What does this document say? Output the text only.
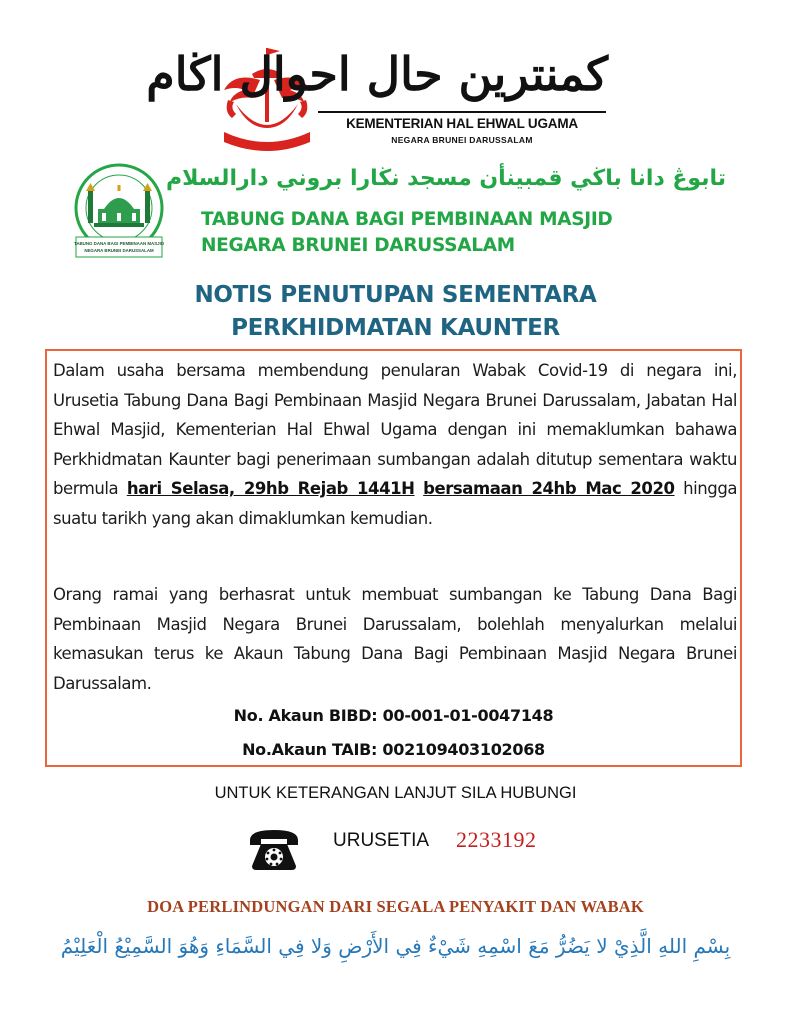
كمنترين حال احوال اڬام
KEMENTERIAN HAL EHWAL UGAMA
NEGARA BRUNEI DARUSSALAM
TABUNG DANA BAGI PEMBINAAN MASJID
NEGARA BRUNEI DARUSSALAM
تابوڠ دانا باڬي قمبينأن مسجد نڬارا بروني دارالسلام
TABUNG DANA BAGI PEMBINAAN MASJID
NEGARA BRUNEI DARUSSALAM
NOTIS PENUTUPAN SEMENTARA
PERKHIDMATAN KAUNTER
Dalam usaha bersama membendung penularan Wabak Covid-19 di negara ini, Urusetia Tabung Dana Bagi Pembinaan Masjid Negara Brunei Darussalam, Jabatan Hal Ehwal Masjid, Kementerian Hal Ehwal Ugama dengan ini memaklumkan bahawa Perkhidmatan Kaunter bagi penerimaan sumbangan adalah ditutup sementara waktu bermula hari Selasa, 29hb Rejab 1441H bersamaan 24hb Mac 2020 hingga suatu tarikh yang akan dimaklumkan kemudian.
Orang ramai yang berhasrat untuk membuat sumbangan ke Tabung Dana Bagi Pembinaan Masjid Negara Brunei Darussalam, bolehlah menyalurkan melalui kemasukan terus ke Akaun Tabung Dana Bagi Pembinaan Masjid Negara Brunei Darussalam.
No. Akaun BIBD: 00-001-01-0047148
No.Akaun TAIB: 002109403102068
UNTUK KETERANGAN LANJUT SILA HUBUNGI
URUSETIA 2233192
DOA PERLINDUNGAN DARI SEGALA PENYAKIT DAN WABAK
بِسْمِ اللهِ الَّذِيْ لا يَضُرُّ مَعَ اسْمِهِ شَيْءٌ فِي الأَرْضِ وَلا فِي السَّمَاءِ وَهُوَ السَّمِيْعُ الْعَلِيْمُ
